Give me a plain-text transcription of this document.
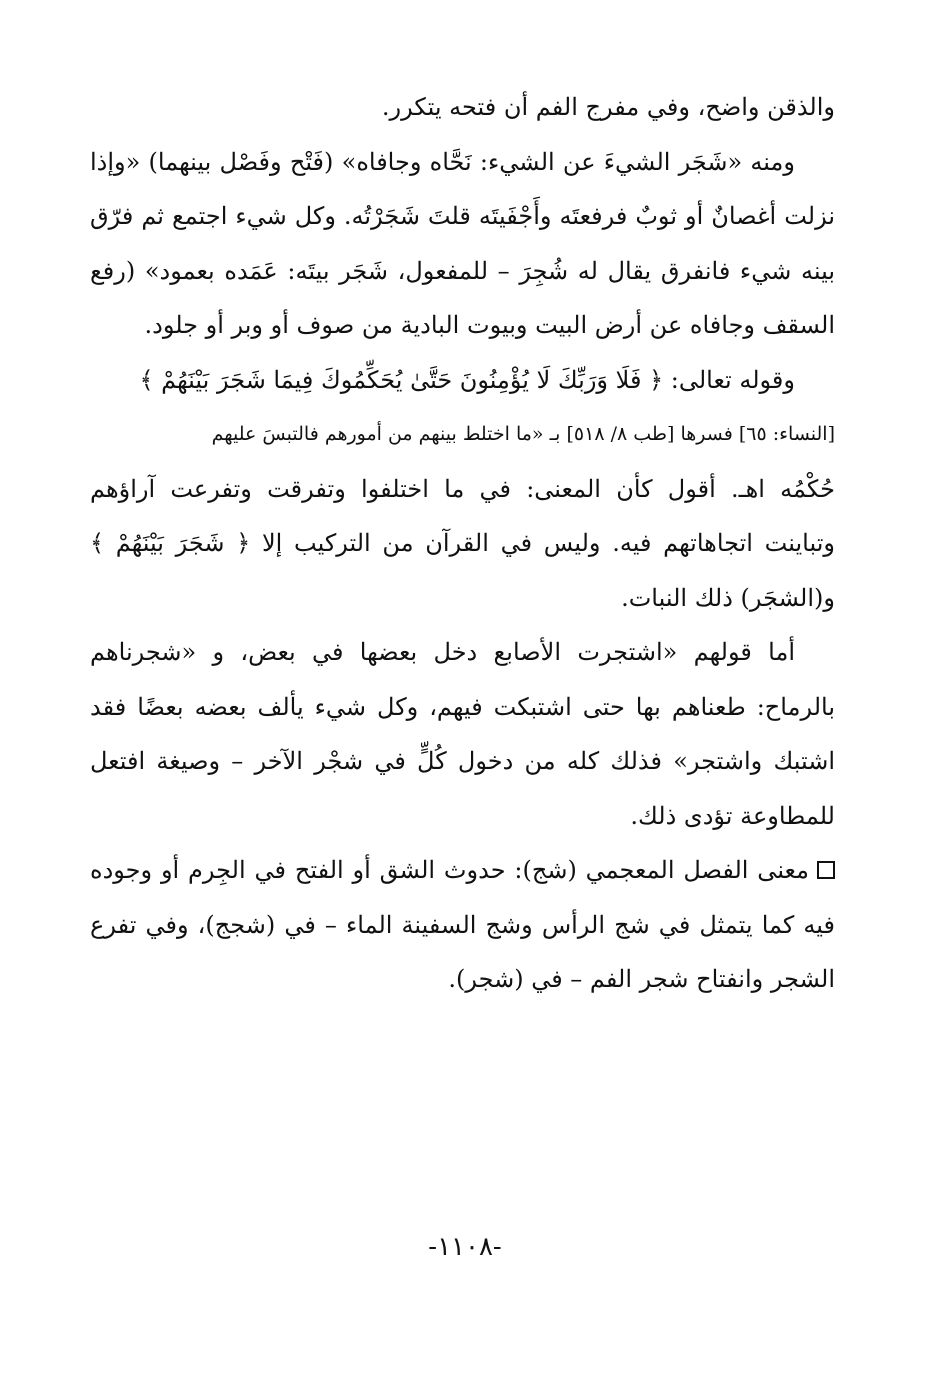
والذقن واضح، وفي مفرج الفم أن فتحه يتكرر.

ومنه «شَجَر الشيءَ عن الشيء: نَحَّاه وجافاه» (فَتْح وفَصْل بينهما) «وإذا نزلت أغصانٌ أو ثوبٌ فرفعتَه وأَجْفَيتَه قلتَ شَجَرْتُه. وكل شيء اجتمع ثم فرّق بينه شيء فانفرق يقال له شُجِرَ – للمفعول، شَجَر بيتَه: عَمَده بعمود» (رفع السقف وجافاه عن أرض البيت وبيوت البادية من صوف أو وبر أو جلود.

وقوله تعالى: ﴿ فَلَا وَرَبِّكَ لَا يُؤْمِنُونَ حَتَّىٰ يُحَكِّمُوكَ فِيمَا شَجَرَ بَيْنَهُمْ ﴾

[النساء: ٦٥] فسرها [طب ٨/ ٥١٨] بـ «ما اختلط بينهم من أمورهم فالتبسَ عليهم

حُكْمُه اهـ. أقول كأن المعنى: في ما اختلفوا وتفرقت وتفرعت آراؤهم وتباينت اتجاهاتهم فيه. وليس في القرآن من التركيب إلا ﴿ شَجَرَ بَيْنَهُمْ ﴾ و(الشجَر) ذلك النبات.

أما قولهم «اشتجرت الأصابع دخل بعضها في بعض، و «شجرناهم بالرماح: طعناهم بها حتى اشتبكت فيهم، وكل شيء يألف بعضه بعضًا فقد اشتبك واشتجر» فذلك كله من دخول كُلٍّ في شجْر الآخر – وصيغة افتعل للمطاوعة تؤدى ذلك.

معنى الفصل المعجمي (شج): حدوث الشق أو الفتح في الجِرم أو وجوده فيه كما يتمثل في شج الرأس وشج السفينة الماء – في (شجج)، وفي تفرع الشجر وانفتاح شجر الفم – في (شجر).

-١١٠٨-
